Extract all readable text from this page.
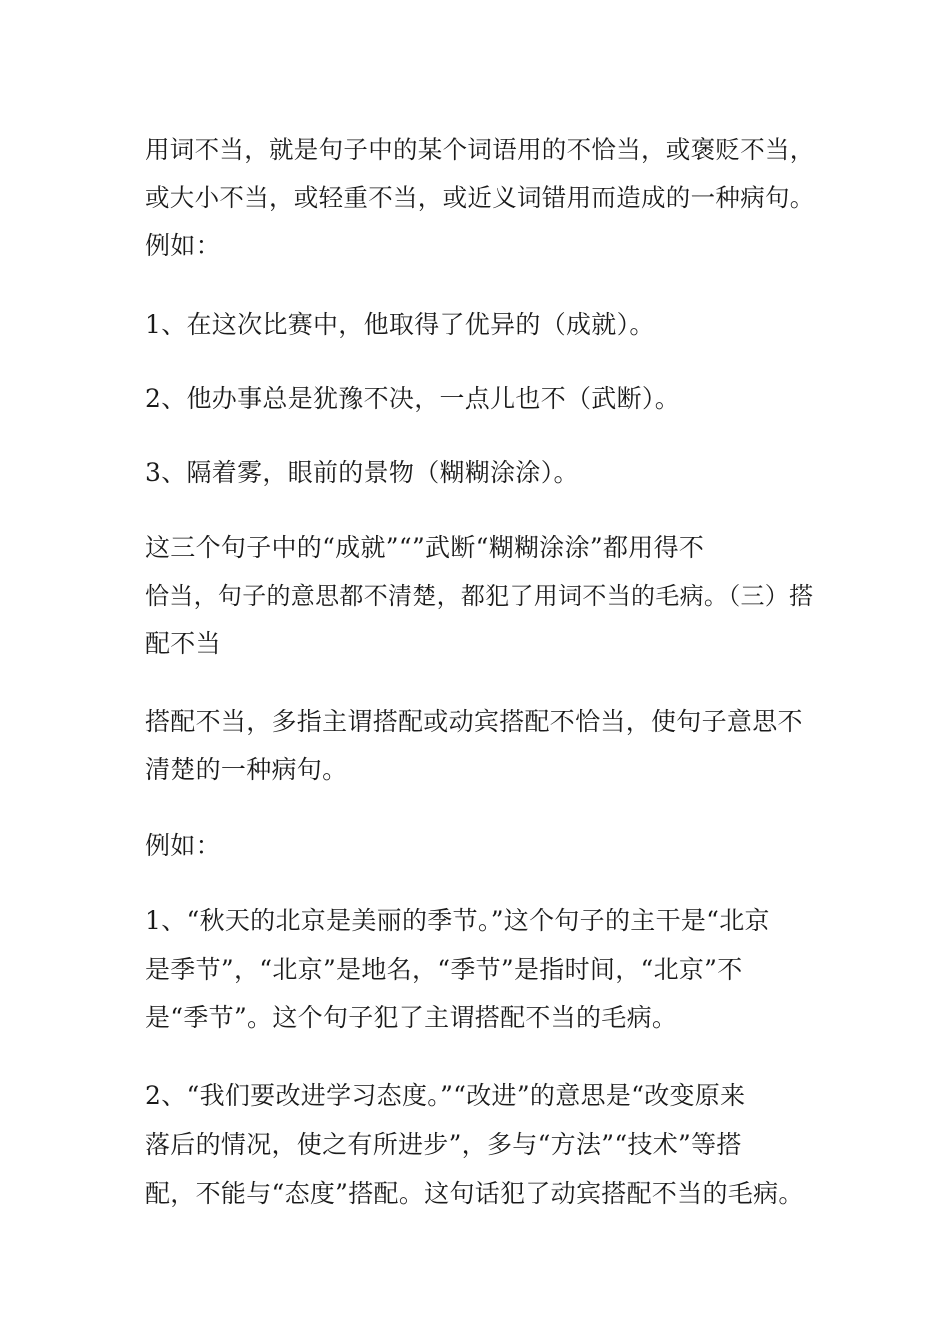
用词不当，就是句子中的某个词语用的不恰当，或褒贬不当，
或大小不当，或轻重不当，或近义词错用而造成的一种病句。
例如：
1、在这次比赛中，他取得了优异的（成就）。
2、他办事总是犹豫不决，一点儿也不（武断）。
3、隔着雾，眼前的景物（糊糊涂涂）。
这三个句子中的“成就”“”武断“糊糊涂涂”都用得不
恰当，句子的意思都不清楚，都犯了用词不当的毛病。（三）搭
配不当
搭配不当，多指主谓搭配或动宾搭配不恰当，使句子意思不
清楚的一种病句。
例如：
1、“秋天的北京是美丽的季节。”这个句子的主干是“北京
是季节”，“北京”是地名，“季节”是指时间，“北京”不
是“季节”。这个句子犯了主谓搭配不当的毛病。
2、“我们要改进学习态度。”“改进”的意思是“改变原来
落后的情况，使之有所进步”，多与“方法”“技术”等搭
配，不能与“态度”搭配。这句话犯了动宾搭配不当的毛病。
